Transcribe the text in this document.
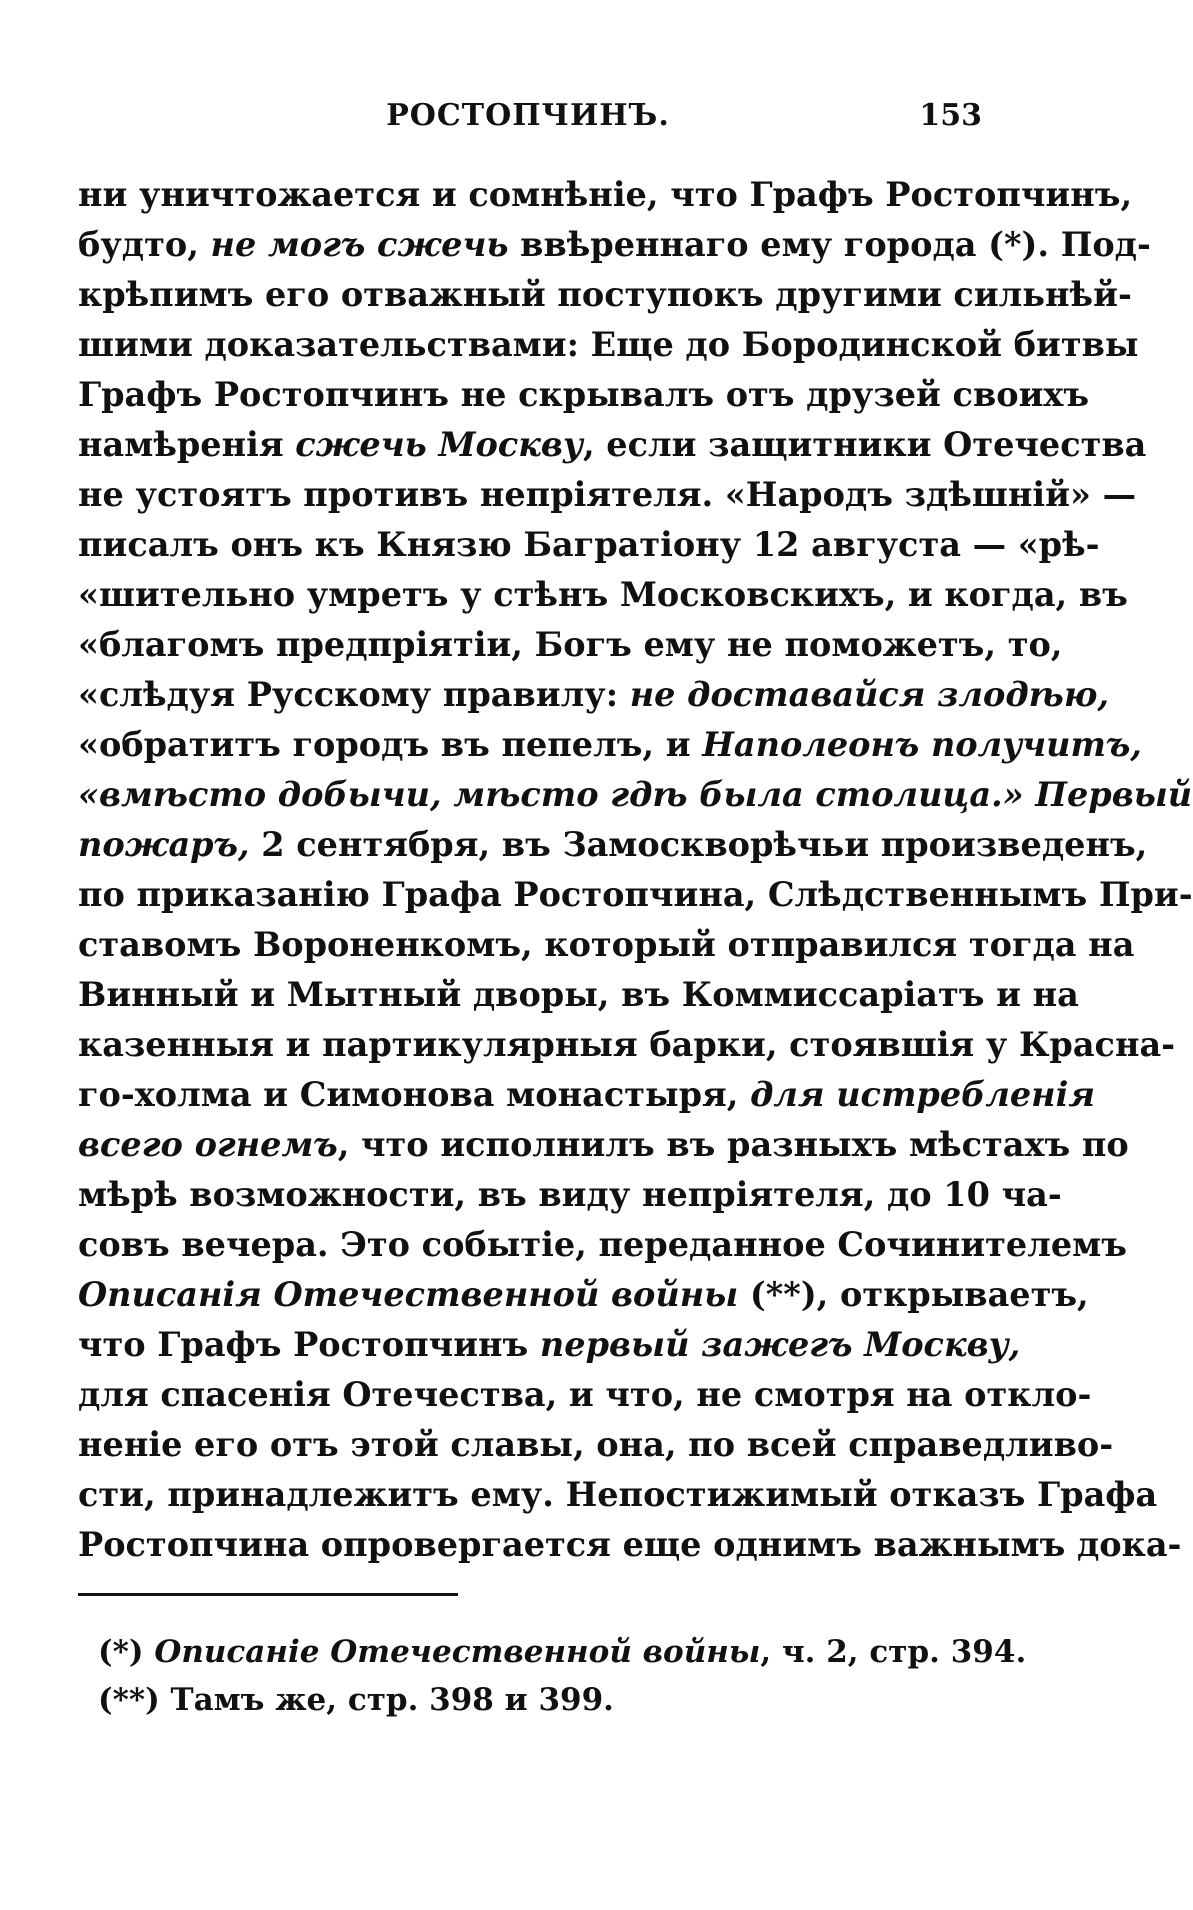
РОСТОПЧИНЪ.	153
ни уничтожается и сомнѣніе, что Графъ Ростопчинъ,
будто, не могъ сжечь ввѣреннаго ему города (*). Под-
крѣпимъ его отважный поступокъ другими сильнѣй-
шими доказательствами: Еще до Бородинской битвы
Графъ Ростопчинъ не скрывалъ отъ друзей своихъ
намѣренія сжечь Москву, если защитники Отечества
не устоятъ противъ непріятеля. «Народъ здѣшній» —
писалъ онъ къ Князю Багратіону 12 августа — «рѣ-
«шительно умретъ у стѣнъ Московскихъ, и когда, въ
«благомъ предпріятіи, Богъ ему не поможетъ, то,
«слѣдуя Русскому правилу: не доставайся злодѣю,
«обратитъ городъ въ пепелъ, и Наполеонъ получитъ,
«вмѣсто добычи, мѣсто гдѣ была столица.» Первый
пожаръ, 2 сентября, въ Замоскворѣчьи произведенъ,
по приказанію Графа Ростопчина, Слѣдственнымъ При-
ставомъ Вороненкомъ, который отправился тогда на
Винный и Мытный дворы, въ Коммиссаріатъ и на
казенныя и партикулярныя барки, стоявшія у Красна-
го-холма и Симонова монастыря, для истребленія
всего огнемъ, что исполнилъ въ разныхъ мѣстахъ по
мѣрѣ возможности, въ виду непріятеля, до 10 ча-
совъ вечера. Это событіе, переданное Сочинителемъ
Описанія Отечественной войны (**), открываетъ,
что Графъ Ростопчинъ первый зажегъ Москву,
для спасенія Отечества, и что, не смотря на откло-
неніе его отъ этой славы, она, по всей справедливо-
сти, принадлежитъ ему. Непостижимый отказъ Графа
Ростопчина опровергается еще однимъ важнымъ дока-
(*) Описаніе Отечественной войны, ч. 2, стр. 394.
(**) Тамъ же, стр. 398 и 399.
